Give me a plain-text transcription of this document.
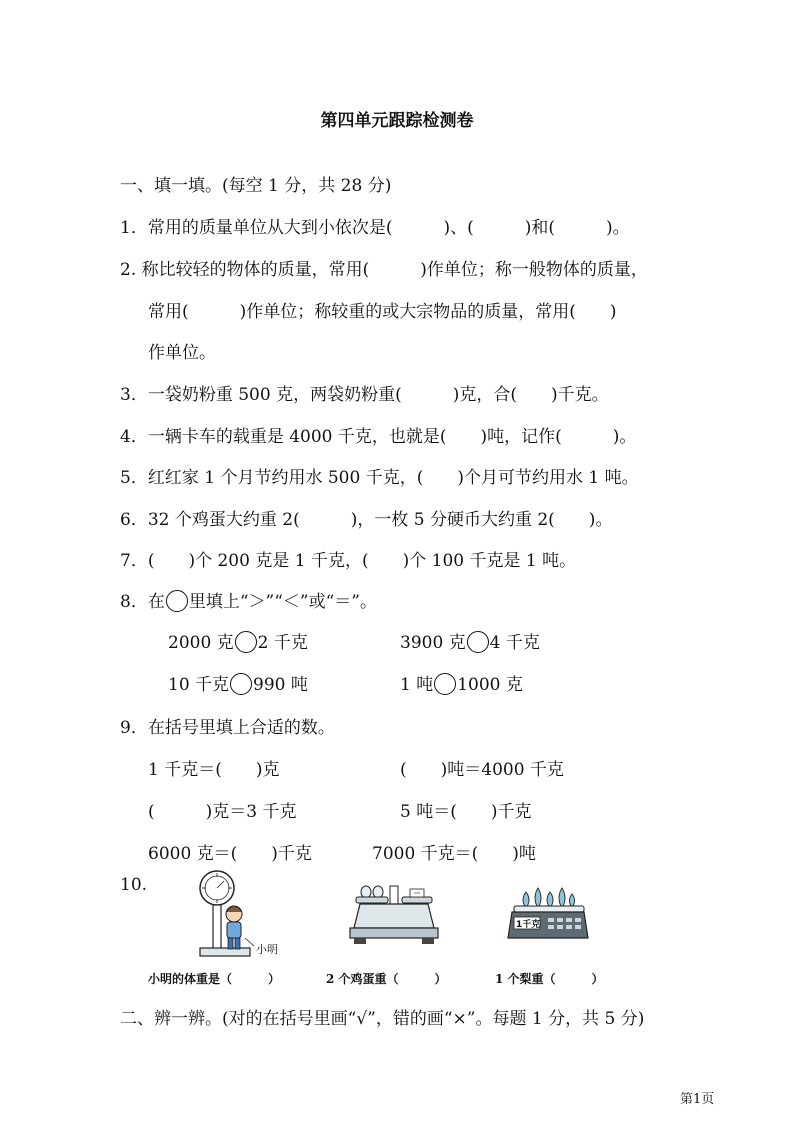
第四单元跟踪检测卷
一、填一填。(每空 1 分，共 28 分)
1．常用的质量单位从大到小依次是(　　　)、(　　　)和(　　　)。
2. 称比较轻的物体的质量，常用(　　　)作单位；称一般物体的质量，
常用(　　　)作单位；称较重的或大宗物品的质量，常用(　　)
作单位。
3．一袋奶粉重 500 克，两袋奶粉重(　　　)克，合(　　)千克。
4．一辆卡车的载重是 4000 千克，也就是(　　)吨，记作(　　　)。
5．红红家 1 个月节约用水 500 千克，(　　)个月可节约用水 1 吨。
6．32 个鸡蛋大约重 2(　　　)，一枚 5 分硬币大约重 2(　　)。
7．(　　)个 200 克是 1 千克，(　　)个 100 千克是 1 吨。
8．在 里填上“＞”“＜”或“＝”。
2000 克 2 千克	3900 克 4 千克
10 千克 990 吨	1 吨 1000 克
9．在括号里填上合适的数。
1 千克＝(　　)克	(　　)吨＝4000 千克
(　　　)克＝3 千克	5 吨＝(　　)千克
6000 克＝(　　)千克	7000 千克＝(　　)吨
10.
小明
1千克
小明的体重是（　　　）	2 个鸡蛋重（　　　）	1 个梨重（　　　）
二、辨一辨。(对的在括号里画“√”，错的画“×”。每题 1 分，共 5 分)
第1页
